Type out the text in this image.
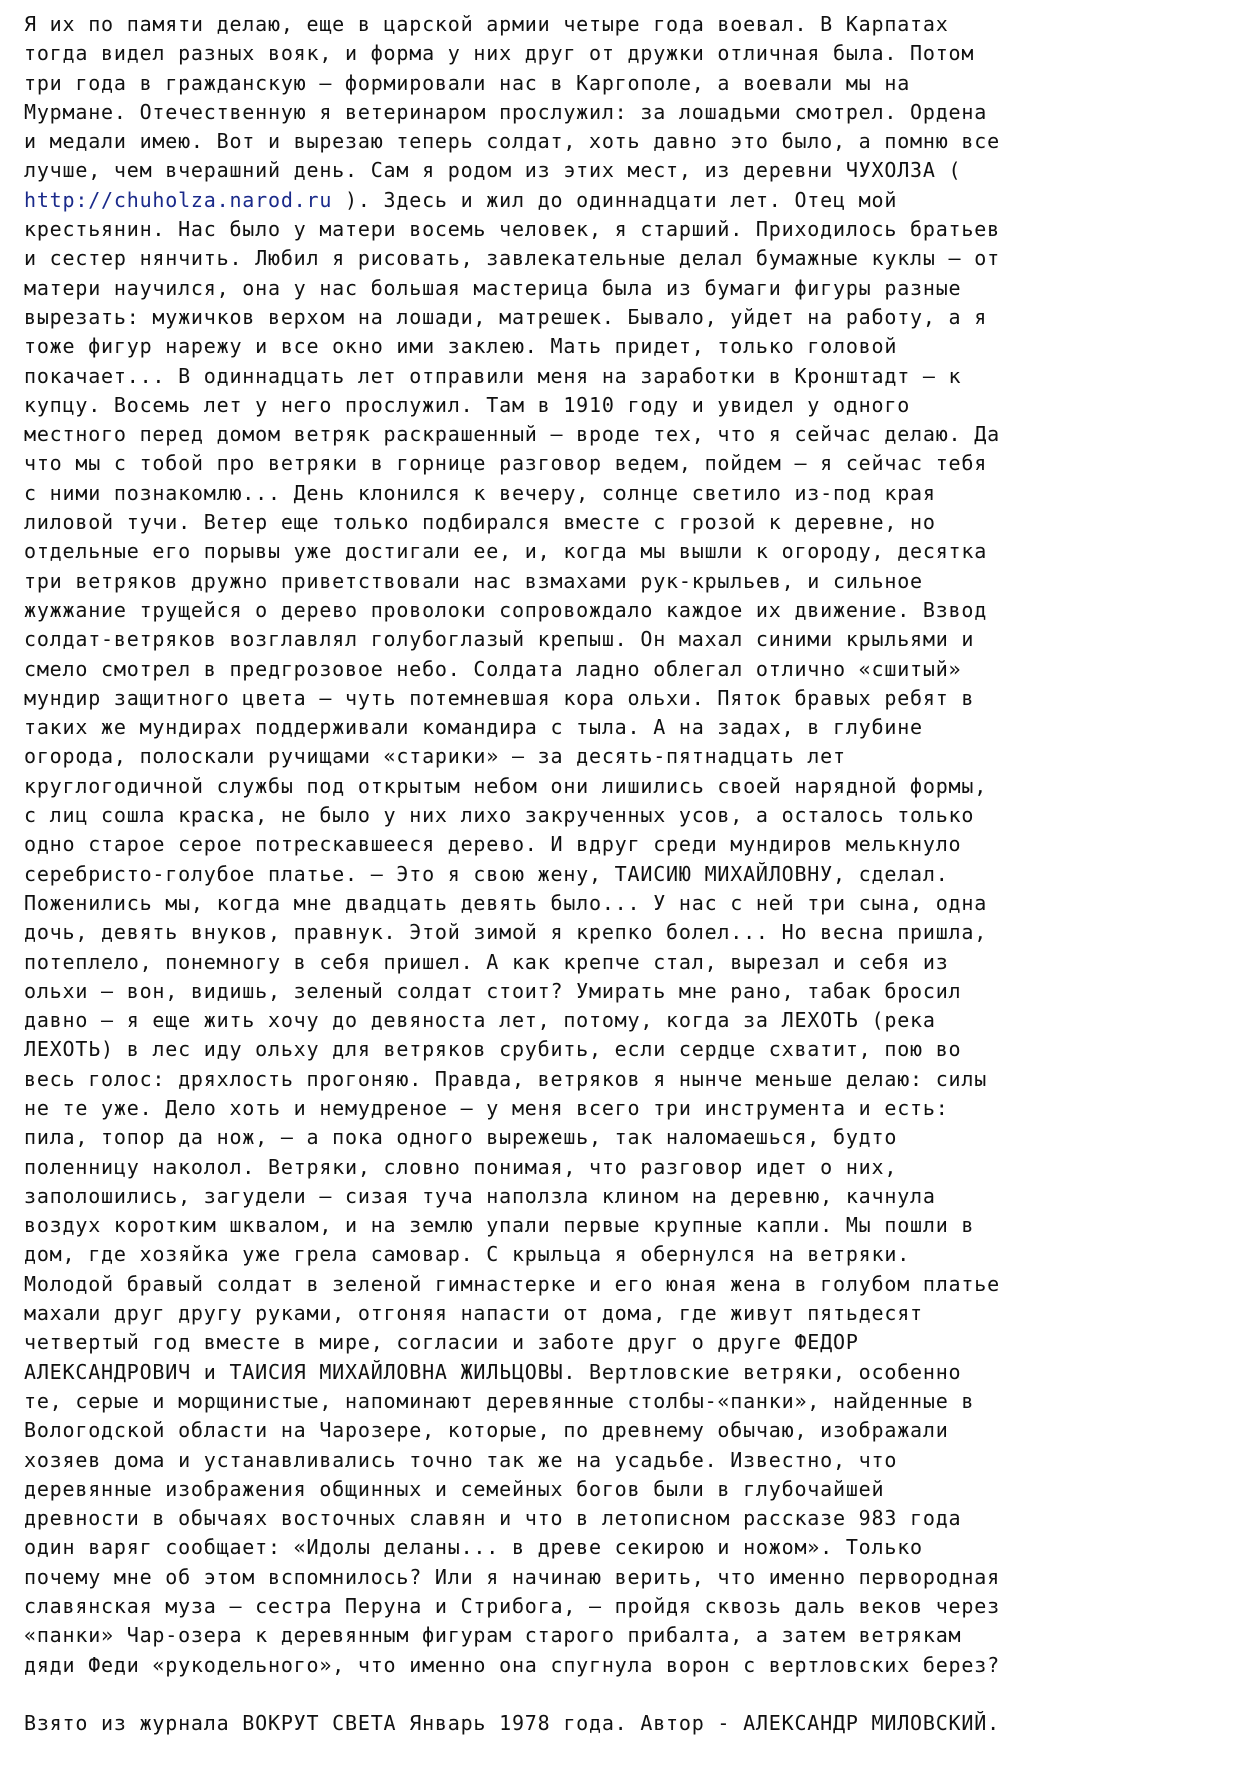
Я их по памяти делаю, еще в царской армии четыре года воевал. В Карпатах
тогда видел разных вояк, и форма у них друг от дружки отличная была. Потом
три года в гражданскую — формировали нас в Каргополе, а воевали мы на
Мурмане. Отечественную я ветеринаром прослужил: за лошадьми смотрел. Ордена
и медали имею. Вот и вырезаю теперь солдат, хоть давно это было, а помню все
лучше, чем вчерашний день. Сам я родом из этих мест, из деревни ЧУХОЛЗА (
http://chuholza.narod.ru ). Здесь и жил до одиннадцати лет. Отец мой
крестьянин. Нас было у матери восемь человек, я старший. Приходилось братьев
и сестер нянчить. Любил я рисовать, завлекательные делал бумажные куклы — от
матери научился, она у нас большая мастерица была из бумаги фигуры разные
вырезать: мужичков верхом на лошади, матрешек. Бывало, уйдет на работу, а я
тоже фигур нарежу и все окно ими заклею. Мать придет, только головой
покачает... В одиннадцать лет отправили меня на заработки в Кронштадт — к
купцу. Восемь лет у него прослужил. Там в 1910 году и увидел у одного
местного перед домом ветряк раскрашенный — вроде тех, что я сейчас делаю. Да
что мы с тобой про ветряки в горнице разговор ведем, пойдем — я сейчас тебя
с ними познакомлю... День клонился к вечеру, солнце светило из-под края
лиловой тучи. Ветер еще только подбирался вместе с грозой к деревне, но
отдельные его порывы уже достигали ее, и, когда мы вышли к огороду, десятка
три ветряков дружно приветствовали нас взмахами рук-крыльев, и сильное
жужжание трущейся о дерево проволоки сопровождало каждое их движение. Взвод
солдат-ветряков возглавлял голубоглазый крепыш. Он махал синими крыльями и
смело смотрел в предгрозовое небо. Солдата ладно облегал отлично «сшитый»
мундир защитного цвета — чуть потемневшая кора ольхи. Пяток бравых ребят в
таких же мундирах поддерживали командира с тыла. А на задах, в глубине
огорода, полоскали ручищами «старики» — за десять-пятнадцать лет
круглогодичной службы под открытым небом они лишились своей нарядной формы,
с лиц сошла краска, не было у них лихо закрученных усов, а осталось только
одно старое серое потрескавшееся дерево. И вдруг среди мундиров мелькнуло
серебристо-голубое платье. — Это я свою жену, ТАИСИЮ МИХАЙЛОВНУ, сделал.
Поженились мы, когда мне двадцать девять было... У нас с ней три сына, одна
дочь, девять внуков, правнук. Этой зимой я крепко болел... Но весна пришла,
потеплело, понемногу в себя пришел. А как крепче стал, вырезал и себя из
ольхи — вон, видишь, зеленый солдат стоит? Умирать мне рано, табак бросил
давно — я еще жить хочу до девяноста лет, потому, когда за ЛЕХОТЬ (река
ЛЕХОТЬ) в лес иду ольху для ветряков срубить, если сердце схватит, пою во
весь голос: дряхлость прогоняю. Правда, ветряков я нынче меньше делаю: силы
не те уже. Дело хоть и немудреное — у меня всего три инструмента и есть:
пила, топор да нож, — а пока одного вырежешь, так наломаешься, будто
поленницу наколол. Ветряки, словно понимая, что разговор идет о них,
заполошились, загудели — сизая туча наползла клином на деревню, качнула
воздух коротким шквалом, и на землю упали первые крупные капли. Мы пошли в
дом, где хозяйка уже грела самовар. С крыльца я обернулся на ветряки.
Молодой бравый солдат в зеленой гимнастерке и его юная жена в голубом платье
махали друг другу руками, отгоняя напасти от дома, где живут пятьдесят
четвертый год вместе в мире, согласии и заботе друг о друге ФЕДОР
АЛЕКСАНДРОВИЧ и ТАИСИЯ МИХАЙЛОВНА ЖИЛЬЦОВЫ. Вертловские ветряки, особенно
те, серые и морщинистые, напоминают деревянные столбы-«панки», найденные в
Вологодской области на Чарозере, которые, по древнему обычаю, изображали
хозяев дома и устанавливались точно так же на усадьбе. Известно, что
деревянные изображения общинных и семейных богов были в глубочайшей
древности в обычаях восточных славян и что в летописном рассказе 983 года
один варяг сообщает: «Идолы деланы... в древе секирою и ножом». Только
почему мне об этом вспомнилось? Или я начинаю верить, что именно первородная
славянская муза — сестра Перуна и Стрибога, — пройдя сквозь даль веков через
«панки» Чар-озера к деревянным фигурам старого прибалта, а затем ветрякам
дяди Феди «рукодельного», что именно она спугнула ворон с вертловских берез?
Взято из журнала ВОКРУТ СВЕТА Январь 1978 года. Автор - АЛЕКСАНДР МИЛОВСКИЙ.
